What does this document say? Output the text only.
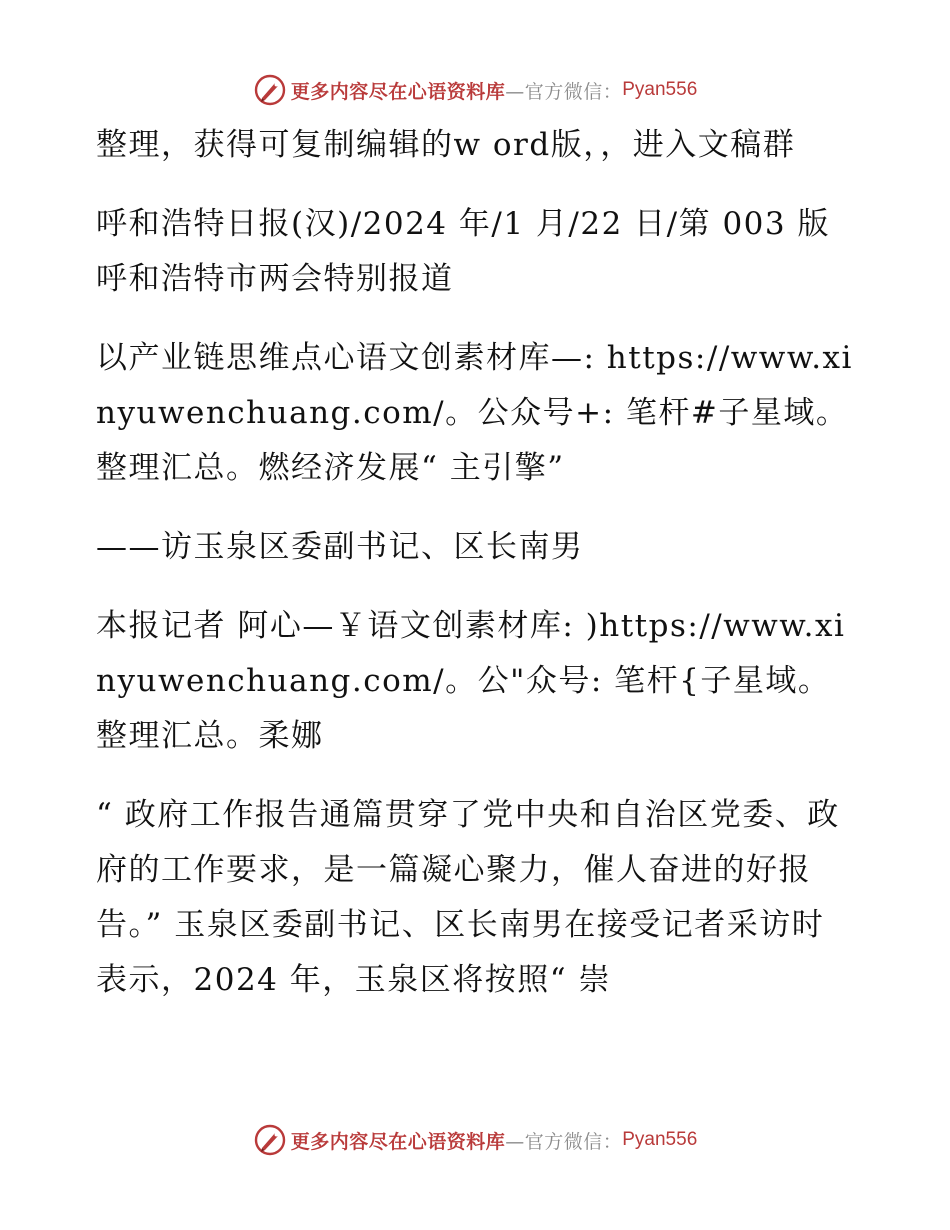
更多内容尽在心语资料库 —官方微信： Pyan556

整理，获得可复制编辑的w ord版，，进入文稿群

呼和浩特日报(汉)/2024 年/1 月/22 日/第 003 版呼和浩特市两会特别报道

以产业链思维点心语文创素材库—: https://www.xinyuwenchuang.com/。公众号+: 笔杆#子星域。整理汇总。燃经济发展“ 主引擎”

——访玉泉区委副书记、区长南男

本报记者 阿心—￥语文创素材库: )https://www.xinyuwenchuang.com/。公"众号: 笔杆{子星域。整理汇总。柔娜

“ 政府工作报告通篇贯穿了党中央和自治区党委、政府的工作要求，是一篇凝心聚力，催人奋进的好报告。” 玉泉区委副书记、区长南男在接受记者采访时表示，2024 年，玉泉区将按照“ 崇

更多内容尽在心语资料库 —官方微信： Pyan556
